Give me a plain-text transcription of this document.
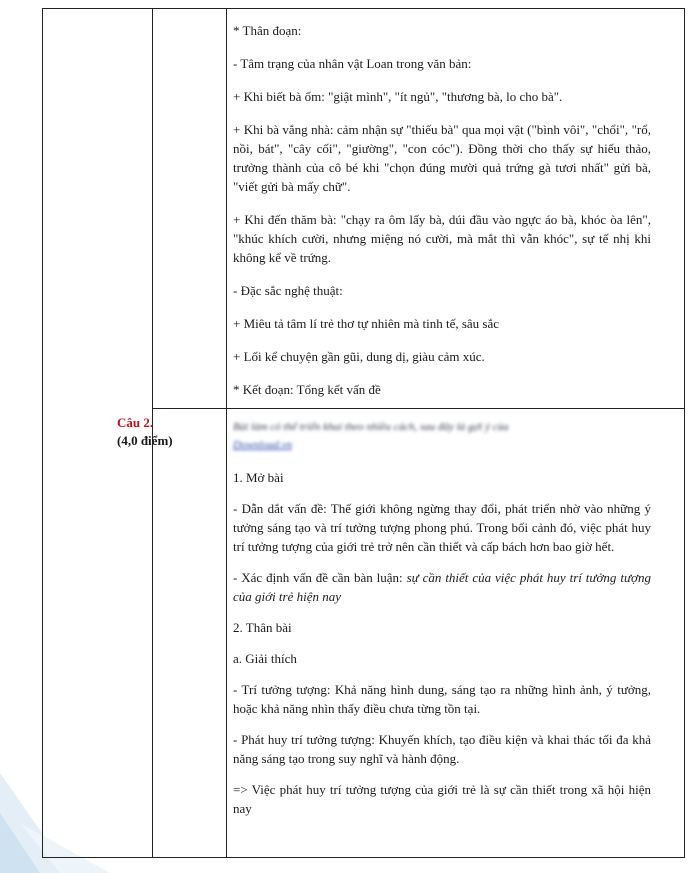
* Thân đoạn:

- Tâm trạng của nhân vật Loan trong văn bản:

+ Khi biết bà ốm: "giật mình", "ít ngủ", "thương bà, lo cho bà".

+ Khi bà vắng nhà: cảm nhận sự "thiếu bà" qua mọi vật ("bình vôi", "chổi", "rổ, nồi, bát", "cây cối", "giường", "con cóc"). Đồng thời cho thấy sự hiếu thảo, trưởng thành của cô bé khi "chọn đúng mười quả trứng gà tươi nhất" gửi bà, "viết gửi bà mấy chữ".

+ Khi đến thăm bà: "chạy ra ôm lấy bà, dúi đầu vào ngực áo bà, khóc òa lên", "khúc khích cười, nhưng miệng nó cười, mà mắt thì vẫn khóc", sự tế nhị khi không kể về trứng.

- Đặc sắc nghệ thuật:

+ Miêu tả tâm lí trẻ thơ tự nhiên mà tinh tế, sâu sắc

+ Lối kể chuyện gần gũi, dung dị, giàu cảm xúc.

* Kết đoạn: Tổng kết vấn đề

Câu 2.
(4,0 điểm)

Bài làm có thể triển khai theo nhiều cách, sau đây là gợi ý của
Download.vn

1. Mở bài

- Dẫn dắt vấn đề: Thế giới không ngừng thay đổi, phát triển nhờ vào những ý tưởng sáng tạo và trí tưởng tượng phong phú. Trong bối cảnh đó, việc phát huy trí tưởng tượng của giới trẻ trở nên cần thiết và cấp bách hơn bao giờ hết.

- Xác định vấn đề cần bàn luận: sự cần thiết của việc phát huy trí tưởng tượng của giới trẻ hiện nay

2. Thân bài

a. Giải thích

- Trí tưởng tượng: Khả năng hình dung, sáng tạo ra những hình ảnh, ý tưởng, hoặc khả năng nhìn thấy điều chưa từng tồn tại.

- Phát huy trí tưởng tượng: Khuyến khích, tạo điều kiện và khai thác tối đa khả năng sáng tạo trong suy nghĩ và hành động.

=> Việc phát huy trí tưởng tượng của giới trẻ là sự cần thiết trong xã hội hiện nay
